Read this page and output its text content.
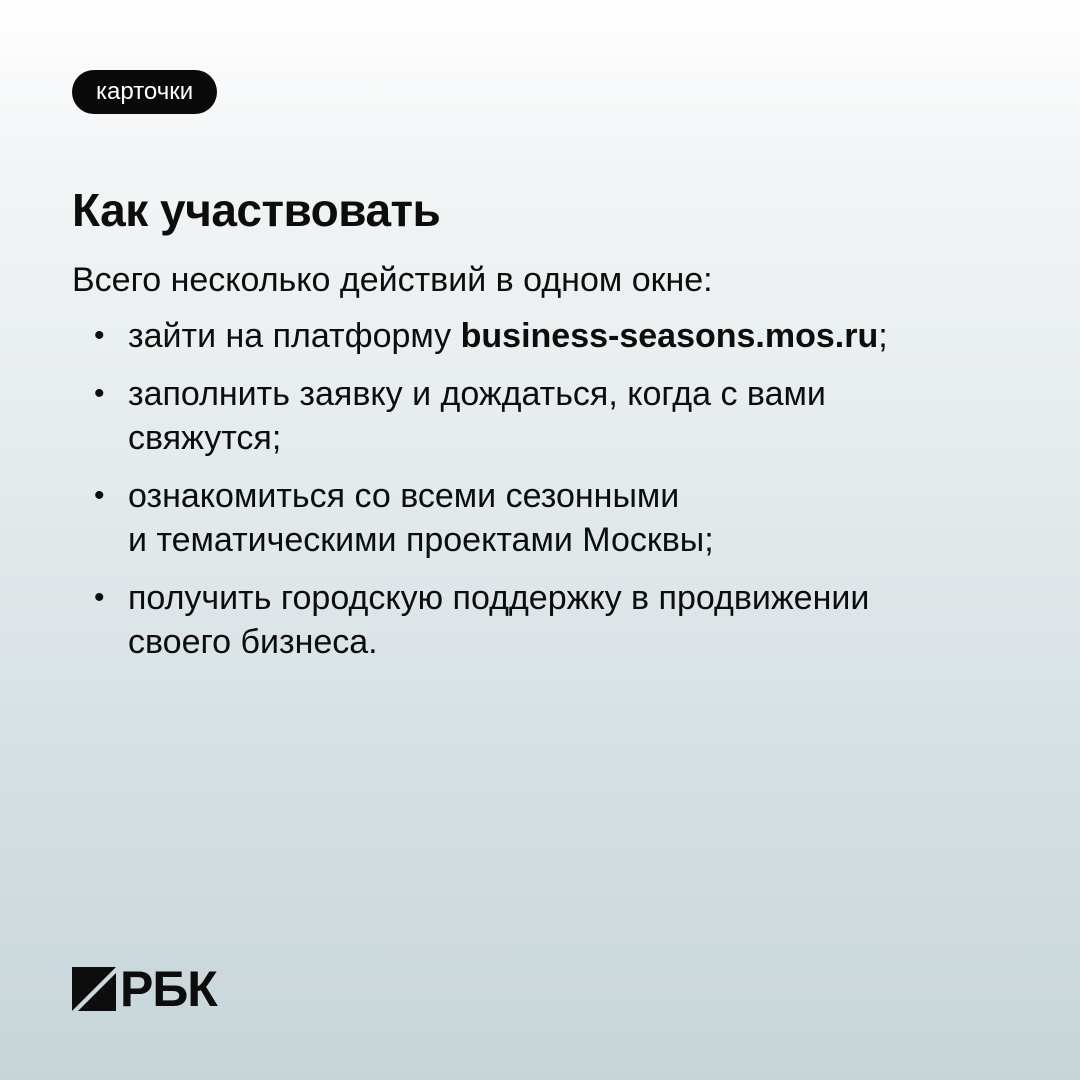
карточки
Как участвовать

Всего несколько действий в одном окне:

• зайти на платформу business-seasons.mos.ru;
• заполнить заявку и дождаться, когда с вами
свяжутся;
• ознакомиться со всеми сезонными
и тематическими проектами Москвы;
• получить городскую поддержку в продвижении
своего бизнеса.
РБК
